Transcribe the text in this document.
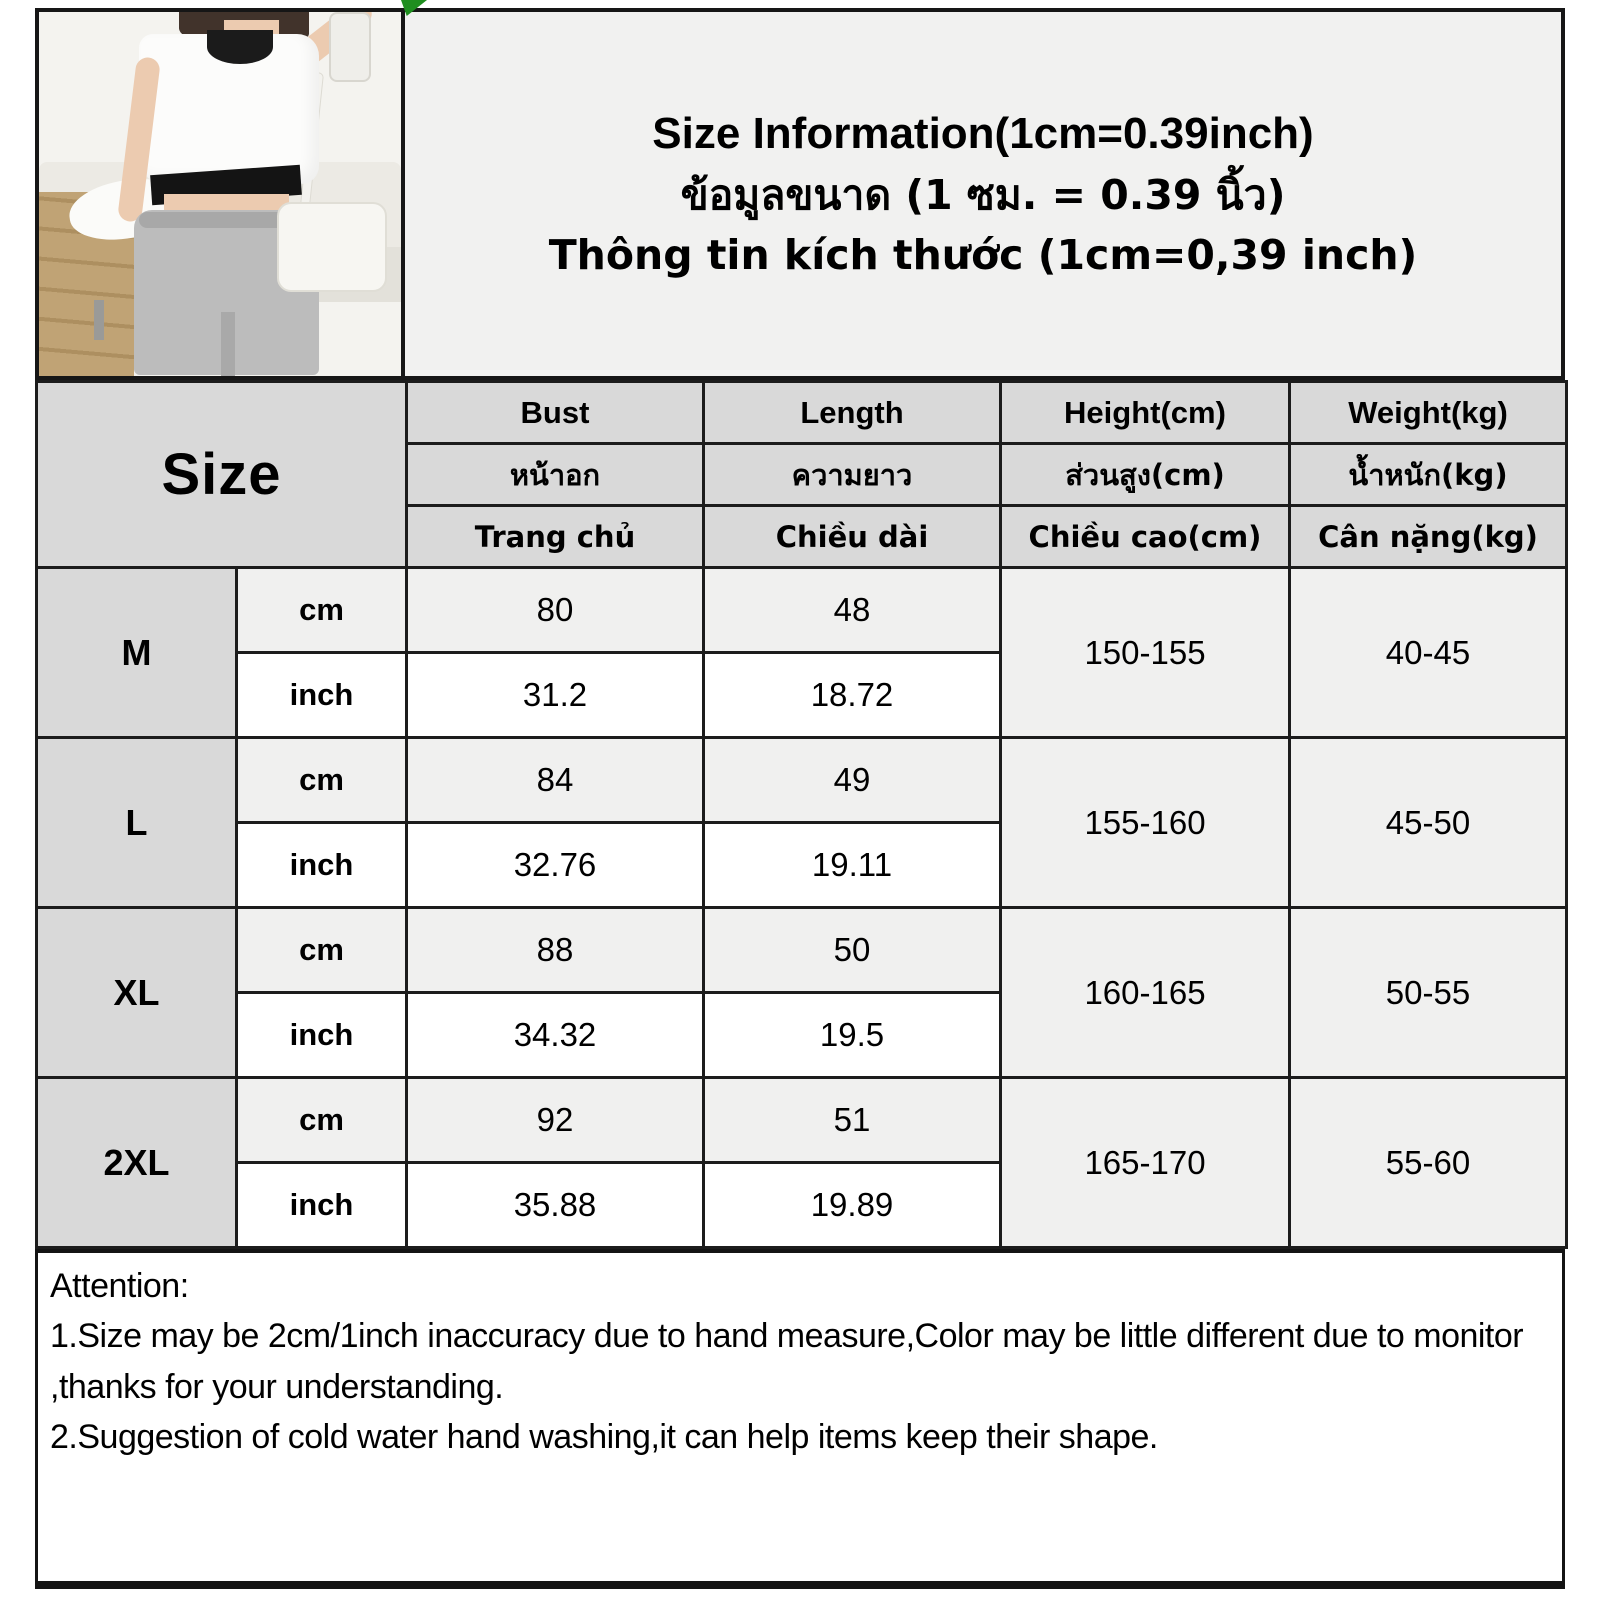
Size Information(1cm=0.39inch)
ข้อมูลขนาด (1 ซม. = 0.39 นิ้ว)
Thông tin kích thước (1cm=0,39 inch)
Size		Bust	Length	Height(cm)	Weight(kg)
		หน้าอก	ความยาว	ส่วนสูง(cm)	น้ำหนัก(kg)
		Trang chủ	Chiều dài	Chiều cao(cm)	Cân nặng(kg)
M	cm	80	48	150-155	40-45
	inch	31.2	18.72		
L	cm	84	49	155-160	45-50
	inch	32.76	19.11		
XL	cm	88	50	160-165	50-55
	inch	34.32	19.5		
2XL	cm	92	51	165-170	55-60
	inch	35.88	19.89		

Attention:

1.Size may be 2cm/1inch inaccuracy due to hand measure,Color may be little different due to monitor ,thanks for your understanding.

2.Suggestion of cold water hand washing,it can help items keep their shape.
